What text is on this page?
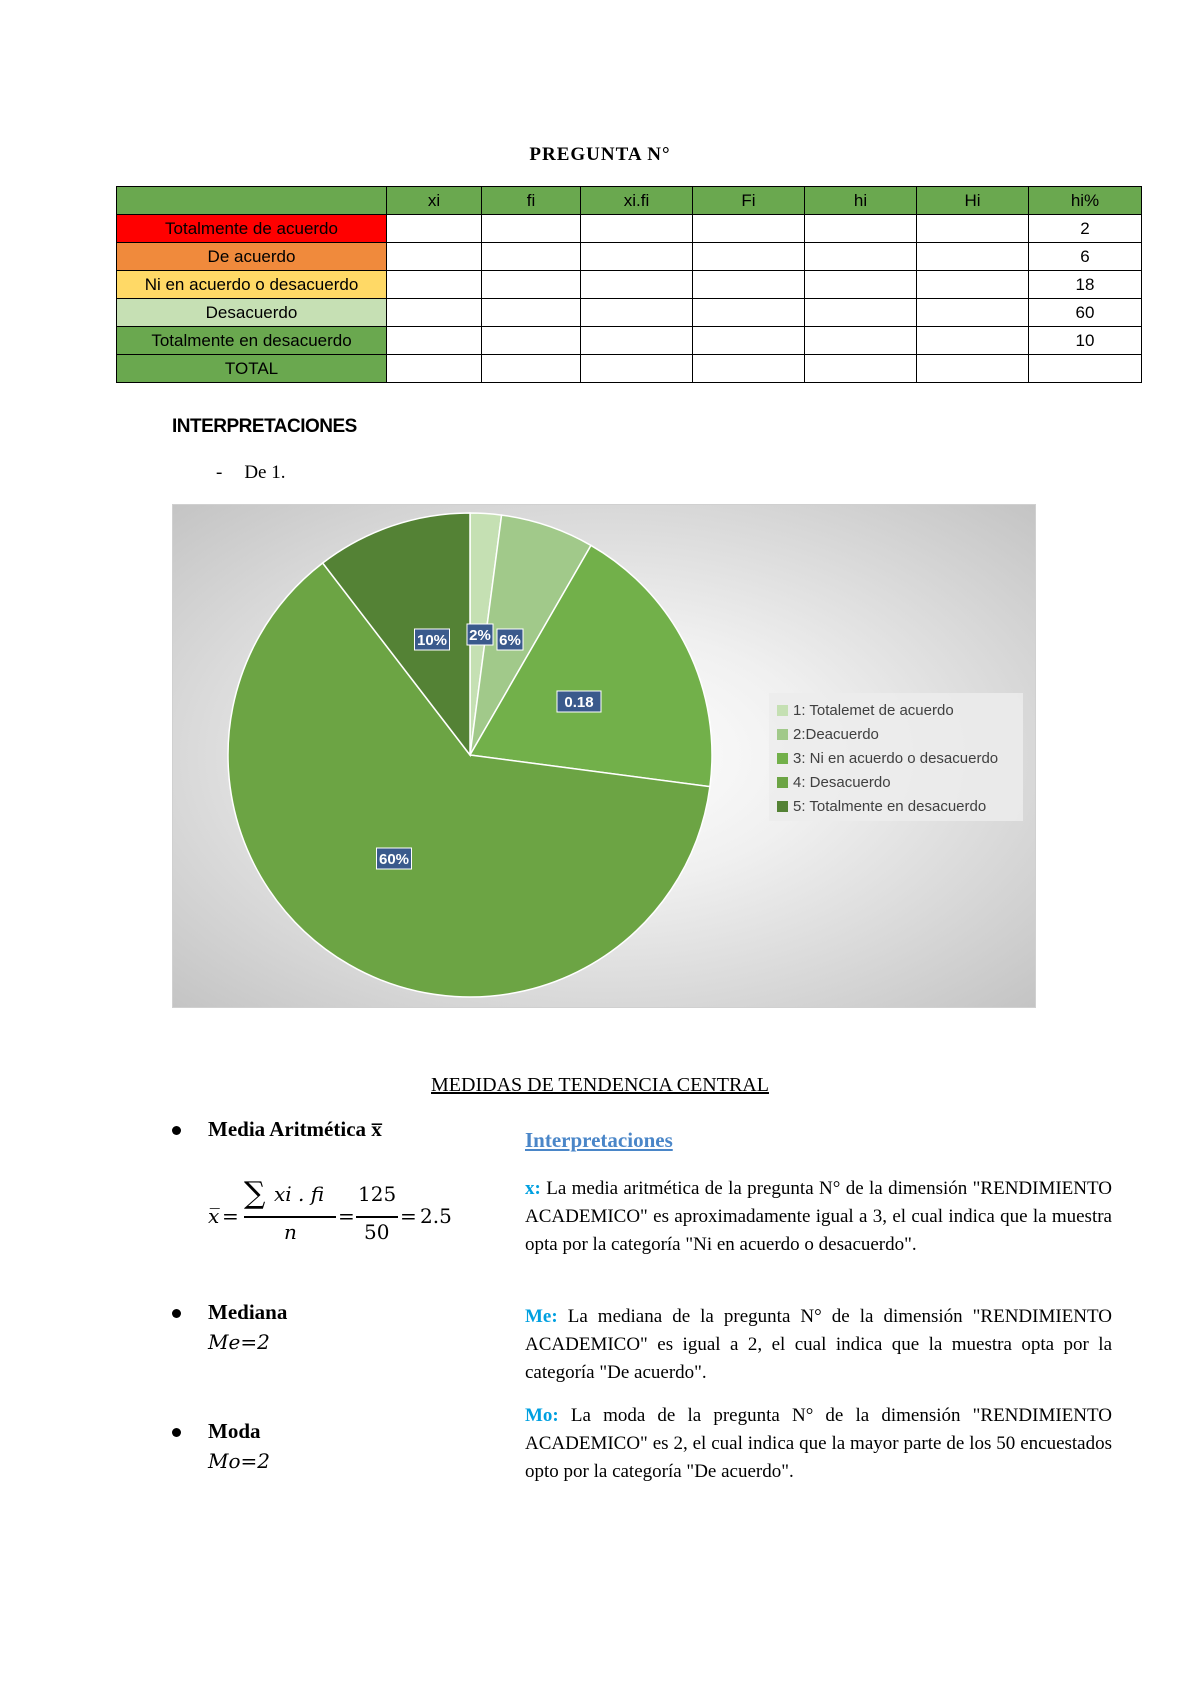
PREGUNTA N°
	xi	fi	xi.fi	Fi	hi	Hi	hi%
Totalmente de acuerdo							2
De acuerdo							6
Ni en acuerdo o desacuerdo							18
Desacuerdo							60
Totalmente en desacuerdo							10
TOTAL							
INTERPRETACIONES
- De 1.
2% 6%
0.18
60%
10%
1: Totalemet de acuerdo
2:Deacuerdo
3: Ni en acuerdo o desacuerdo
4: Desacuerdo
5: Totalmente en desacuerdo
MEDIDAS DE TENDENCIA CENTRAL
Media Aritmética x̅
x̅ =
∑ xi . fi
n
=
125
50
= 2.5
Mediana
Me=2
Moda
Mo=2
Interpretaciones
x: La media aritmética de la pregunta N° de la dimensión "RENDIMIENTO ACADEMICO" es aproximadamente igual a 3, el cual indica que la muestra opta por la categoría "Ni en acuerdo o desacuerdo".
Me: La mediana de la pregunta N° de la dimensión "RENDIMIENTO ACADEMICO" es igual a 2, el cual indica que la muestra opta por la categoría "De acuerdo".
Mo: La moda de la pregunta N° de la dimensión "RENDIMIENTO ACADEMICO" es 2, el cual indica que la mayor parte de los 50 encuestados opto por la categoría "De acuerdo".
